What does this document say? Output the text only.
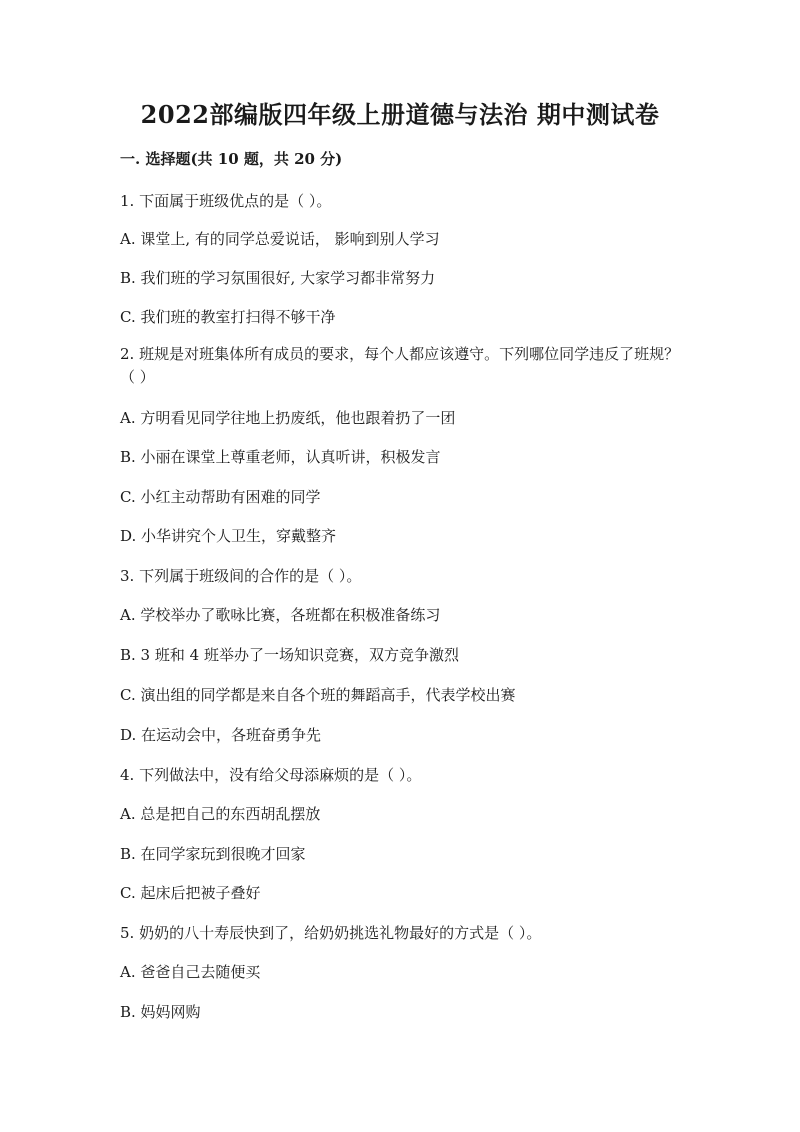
2022部编版四年级上册道德与法治 期中测试卷
一. 选择题(共 10 题，共 20 分)
1. 下面属于班级优点的是（ ）。
A. 课堂上, 有的同学总爱说话， 影响到别人学习
B. 我们班的学习氛围很好, 大家学习都非常努力
C. 我们班的教室打扫得不够干净
2. 班规是对班集体所有成员的要求，每个人都应该遵守。下列哪位同学违反了班规？（ ）
A. 方明看见同学往地上扔废纸，他也跟着扔了一团
B. 小丽在课堂上尊重老师，认真听讲，积极发言
C. 小红主动帮助有困难的同学
D. 小华讲究个人卫生，穿戴整齐
3. 下列属于班级间的合作的是（ ）。
A. 学校举办了歌咏比赛，各班都在积极准备练习
B. 3 班和 4 班举办了一场知识竞赛，双方竞争激烈
C. 演出组的同学都是来自各个班的舞蹈高手，代表学校出赛
D. 在运动会中，各班奋勇争先
4. 下列做法中，没有给父母添麻烦的是（ ）。
A. 总是把自己的东西胡乱摆放
B. 在同学家玩到很晚才回家
C. 起床后把被子叠好
5. 奶奶的八十寿辰快到了，给奶奶挑选礼物最好的方式是（ ）。
A. 爸爸自己去随便买
B. 妈妈网购
